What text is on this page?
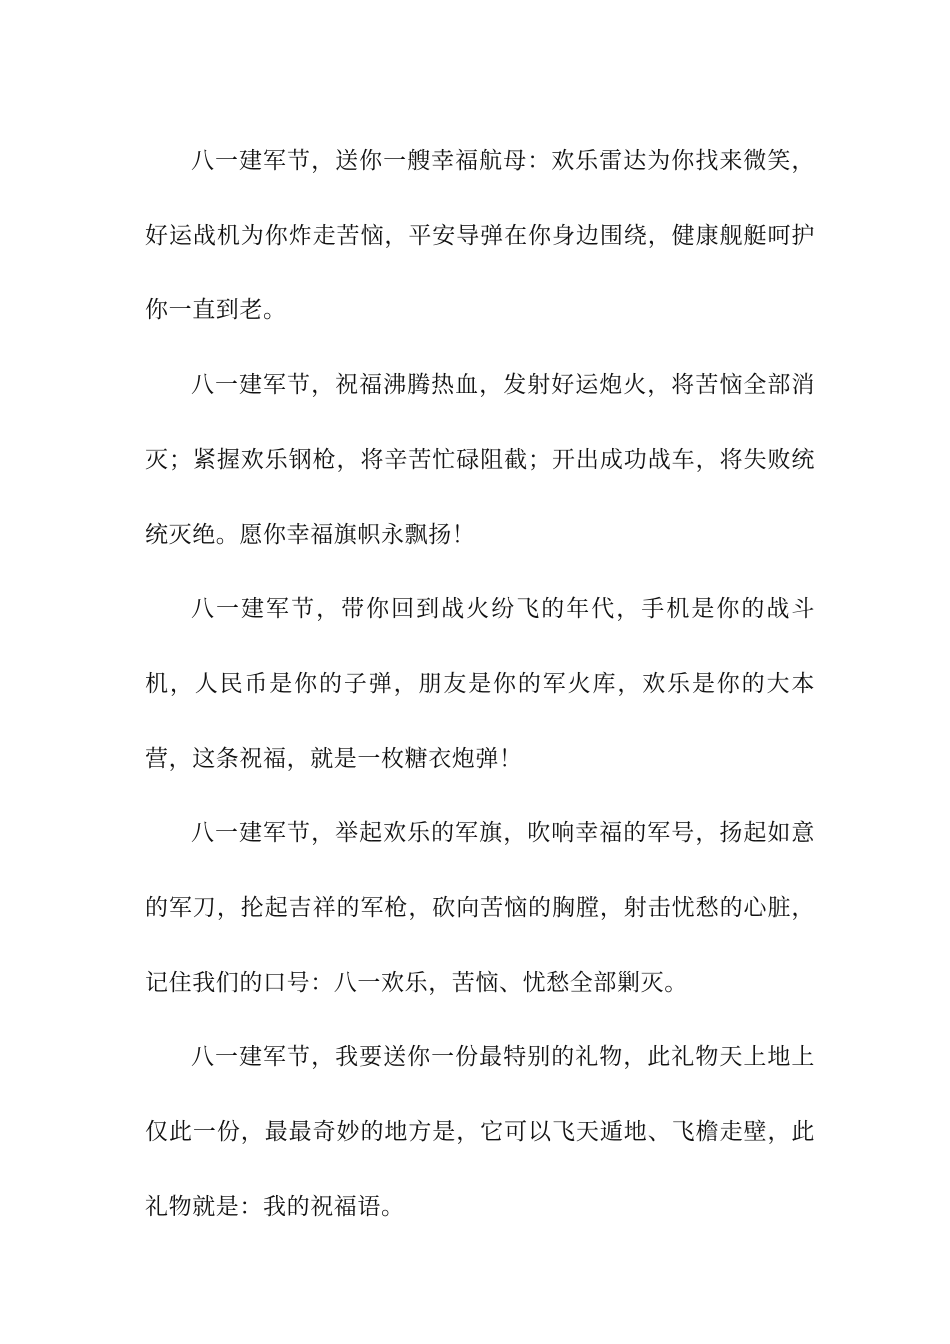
八一建军节，送你一艘幸福航母：欢乐雷达为你找来微笑，好运战机为你炸走苦恼，平安导弹在你身边围绕，健康舰艇呵护你一直到老。

八一建军节，祝福沸腾热血，发射好运炮火，将苦恼全部消灭；紧握欢乐钢枪，将辛苦忙碌阻截；开出成功战车，将失败统统灭绝。愿你幸福旗帜永飘扬！

八一建军节，带你回到战火纷飞的年代，手机是你的战斗机，人民币是你的子弹，朋友是你的军火库，欢乐是你的大本营，这条祝福，就是一枚糖衣炮弹！

八一建军节，举起欢乐的军旗，吹响幸福的军号，扬起如意的军刀，抡起吉祥的军枪，砍向苦恼的胸膛，射击忧愁的心脏，记住我们的口号：八一欢乐，苦恼、忧愁全部剿灭。

八一建军节，我要送你一份最特别的礼物，此礼物天上地上仅此一份，最最奇妙的地方是，它可以飞天遁地、飞檐走壁，此礼物就是：我的祝福语。
